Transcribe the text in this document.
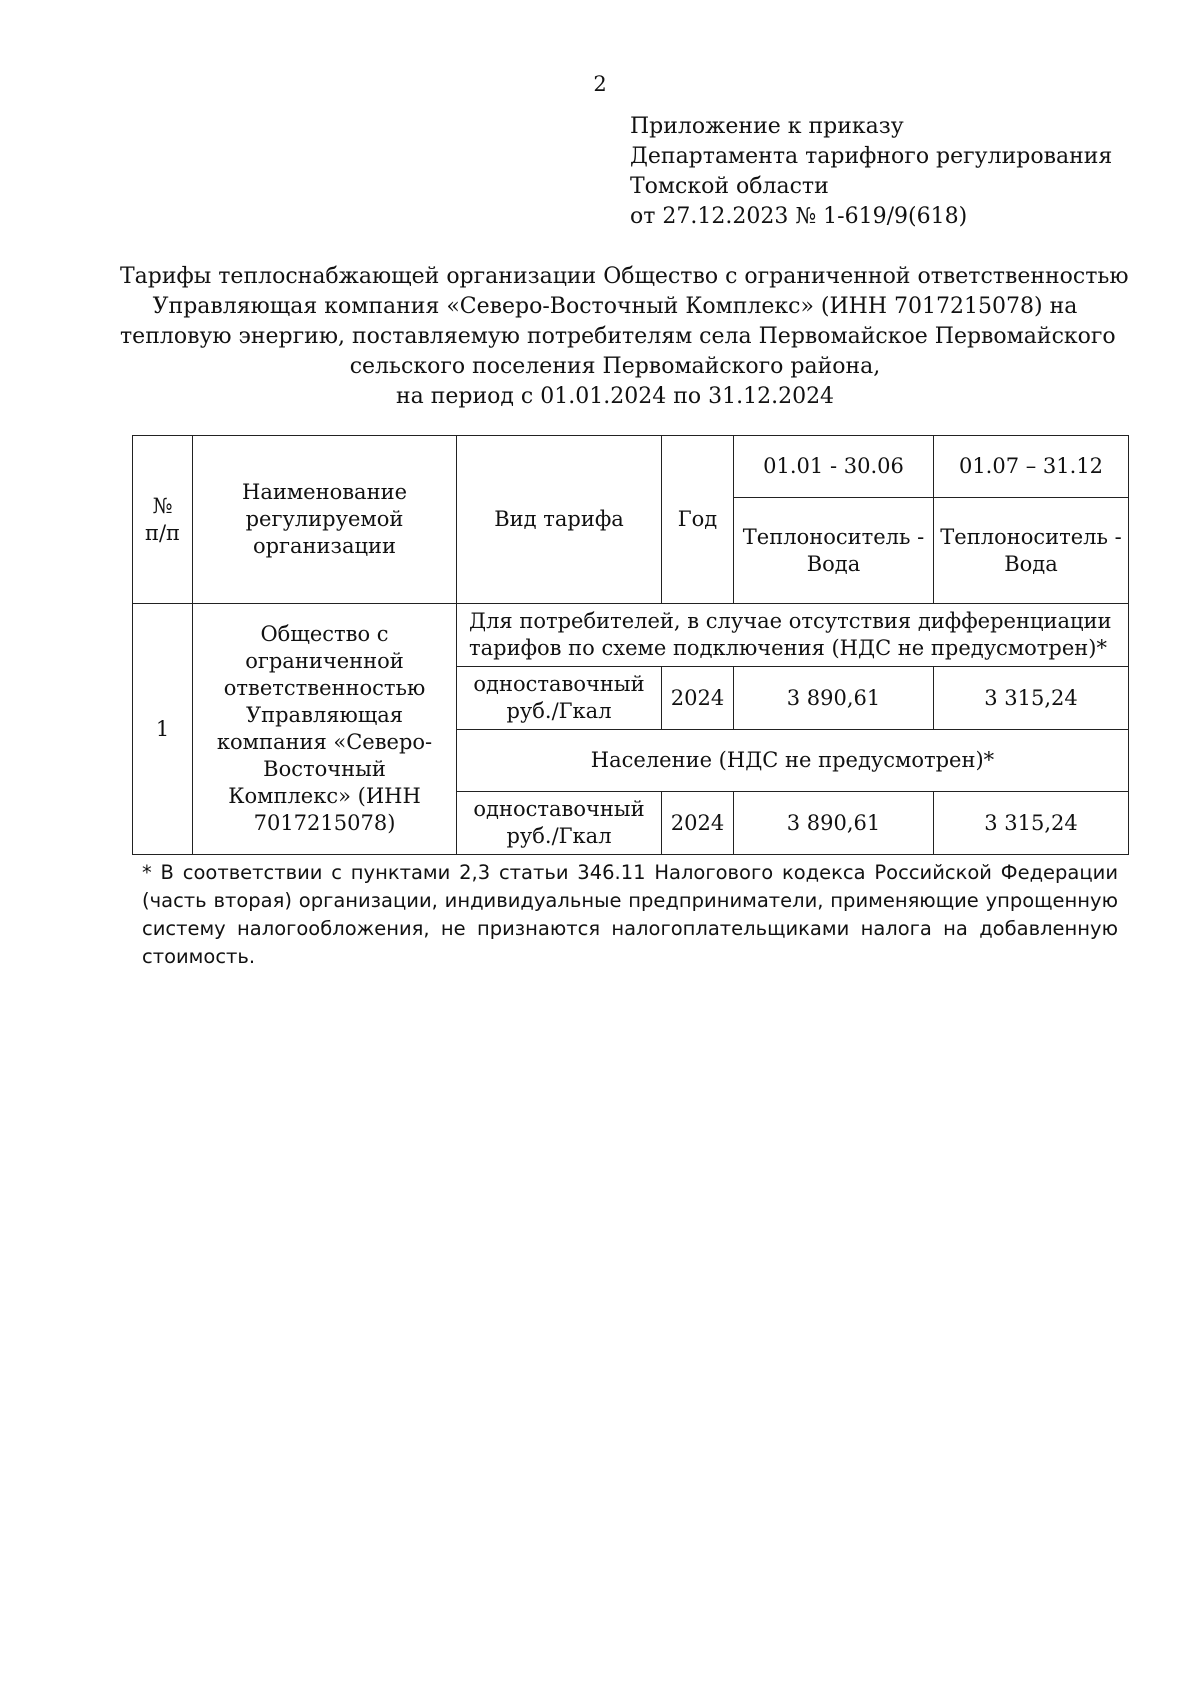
2
Приложение к приказу
Департамента тарифного регулирования
Томской области
от 27.12.2023 № 1-619/9(618)
Тарифы теплоснабжающей организации Общество с ограниченной ответственностью
Управляющая компания «Северо-Восточный Комплекс» (ИНН 7017215078) на
тепловую энергию, поставляемую потребителям села Первомайское Первомайского
сельского поселения Первомайского района,
на период с 01.01.2024 по 31.12.2024
№ п/п	Наименование регулируемой организации	Вид тарифа	Год	01.01 - 30.06	01.07 – 31.12
				Теплоноситель - Вода	Теплоноситель - Вода
1	Общество с ограниченной ответственностью Управляющая компания «Северо-Восточный Комплекс» (ИНН 7017215078)	Для потребителей, в случае отсутствия дифференциации тарифов по схеме подключения (НДС не предусмотрен)*			
		одноставочный руб./Гкал	2024	3 890,61	3 315,24
		Население (НДС не предусмотрен)*			
		одноставочный руб./Гкал	2024	3 890,61	3 315,24
* В соответствии с пунктами 2,3 статьи 346.11 Налогового кодекса Российской Федерации (часть вторая) организации, индивидуальные предприниматели, применяющие упрощенную систему налогообложения, не признаются налогоплательщиками налога на добавленную стоимость.
